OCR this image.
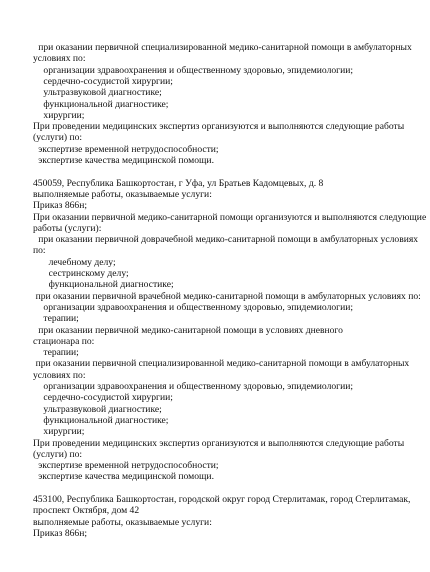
при оказании первичной специализированной медико-санитарной помощи в амбулаторных
условиях по:
организации здравоохранения и общественному здоровью, эпидемиологии;
сердечно-сосудистой хирургии;
ультразвуковой диагностике;
функциональной диагностике;
хирургии;
При проведении медицинских экспертиз организуются и выполняются следующие работы
(услуги) по:
экспертизе временной нетрудоспособности;
экспертизе качества медицинской помощи.
450059, Республика Башкортостан, г Уфа, ул Братьев Кадомцевых, д. 8
выполняемые работы, оказываемые услуги:
Приказ 866н;
При оказании первичной медико-санитарной помощи организуются и выполняются следующие
работы (услуги):
при оказании первичной доврачебной медико-санитарной помощи в амбулаторных условиях
по:
лечебному делу;
сестринскому делу;
функциональной диагностике;
при оказании первичной врачебной медико-санитарной помощи в амбулаторных условиях по:
организации здравоохранения и общественному здоровью, эпидемиологии;
терапии;
при оказании первичной медико-санитарной помощи в условиях дневного
стационара по:
терапии;
при оказании первичной специализированной медико-санитарной помощи в амбулаторных
условиях по:
организации здравоохранения и общественному здоровью, эпидемиологии;
сердечно-сосудистой хирургии;
ультразвуковой диагностике;
функциональной диагностике;
хирургии;
При проведении медицинских экспертиз организуются и выполняются следующие работы
(услуги) по:
экспертизе временной нетрудоспособности;
экспертизе качества медицинской помощи.
453100, Республика Башкортостан, городской округ город Стерлитамак, город Стерлитамак,
проспект Октября, дом 42
выполняемые работы, оказываемые услуги:
Приказ 866н;
